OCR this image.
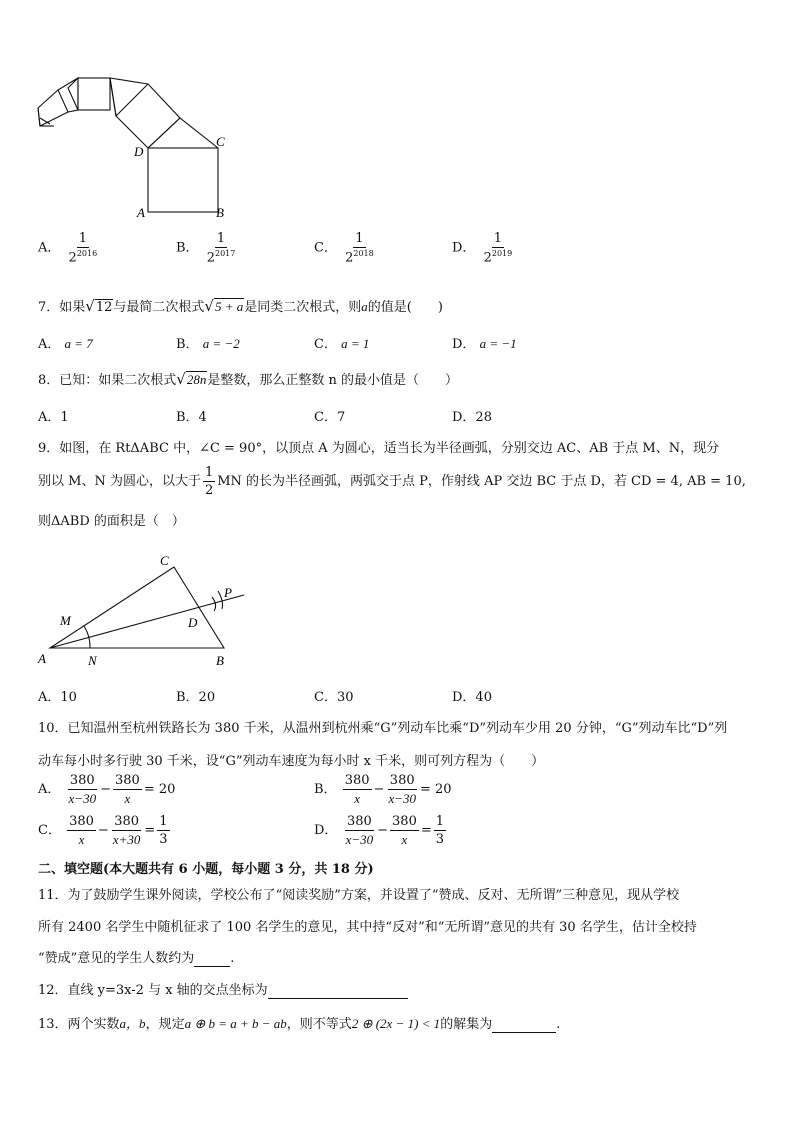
D
C
A	B
A． $\frac{1}{2^{2016}}$	B． $\frac{1}{2^{2017}}$	C． $\frac{1}{2^{2018}}$	D． $\frac{1}{2^{2019}}$
7．如果√12与最简二次根式√5 + a是同类二次根式，则a的值是(　　)
A． a = 7	B． a = −2	C． a = 1	D． a = −1
8．已知：如果二次根式√28n是整数，那么正整数 n 的最小值是（　　）
A．1	B．4	C．7	D．28
9．如图，在 RtΔABC 中，∠C = 90°，以顶点 A 为圆心，适当长为半径画弧，分别交边 AC、AB 于点 M、N，现分
别以 M、N 为圆心，以大于 $\frac{1}{2}$ MN 的长为半径画弧，两弧交于点 P，作射线 AP 交边 BC 于点 D，若 CD = 4, AB = 10,
则ΔABD 的面积是（　）
C
M
P
D
A	N	B
A．10	B．20	C．30	D．40
10．已知温州至杭州铁路长为 380 千米，从温州到杭州乘“G”列动车比乘“D”列动车少用 20 分钟，“G”列动车比“D”列
动车每小时多行驶 30 千米，设“G”列动车速度为每小时 x 千米，则可列方程为（　　）
A． $\frac{380}{x-30} - \frac{380}{x} = 20$	B． $\frac{380}{x} - \frac{380}{x-30} = 20$
C． $\frac{380}{x} - \frac{380}{x+30} = \frac{1}{3}$	D． $\frac{380}{x-30} - \frac{380}{x} = \frac{1}{3}$
二、填空题(本大题共有 6 小题，每小题 3 分，共 18 分)
11．为了鼓励学生课外阅读，学校公布了“阅读奖励”方案，并设置了“赞成、反对、无所谓”三种意见，现从学校
所有 2400 名学生中随机征求了 100 名学生的意见，其中持“反对”和“无所谓”意见的共有 30 名学生，估计全校持
“赞成”意见的学生人数约为	.
12．直线 y=3x-2 与 x 轴的交点坐标为
13．两个实数a，b，规定a ⊕ b = a + b − ab，则不等式2 ⊕ (2x − 1) < 1的解集为	.
